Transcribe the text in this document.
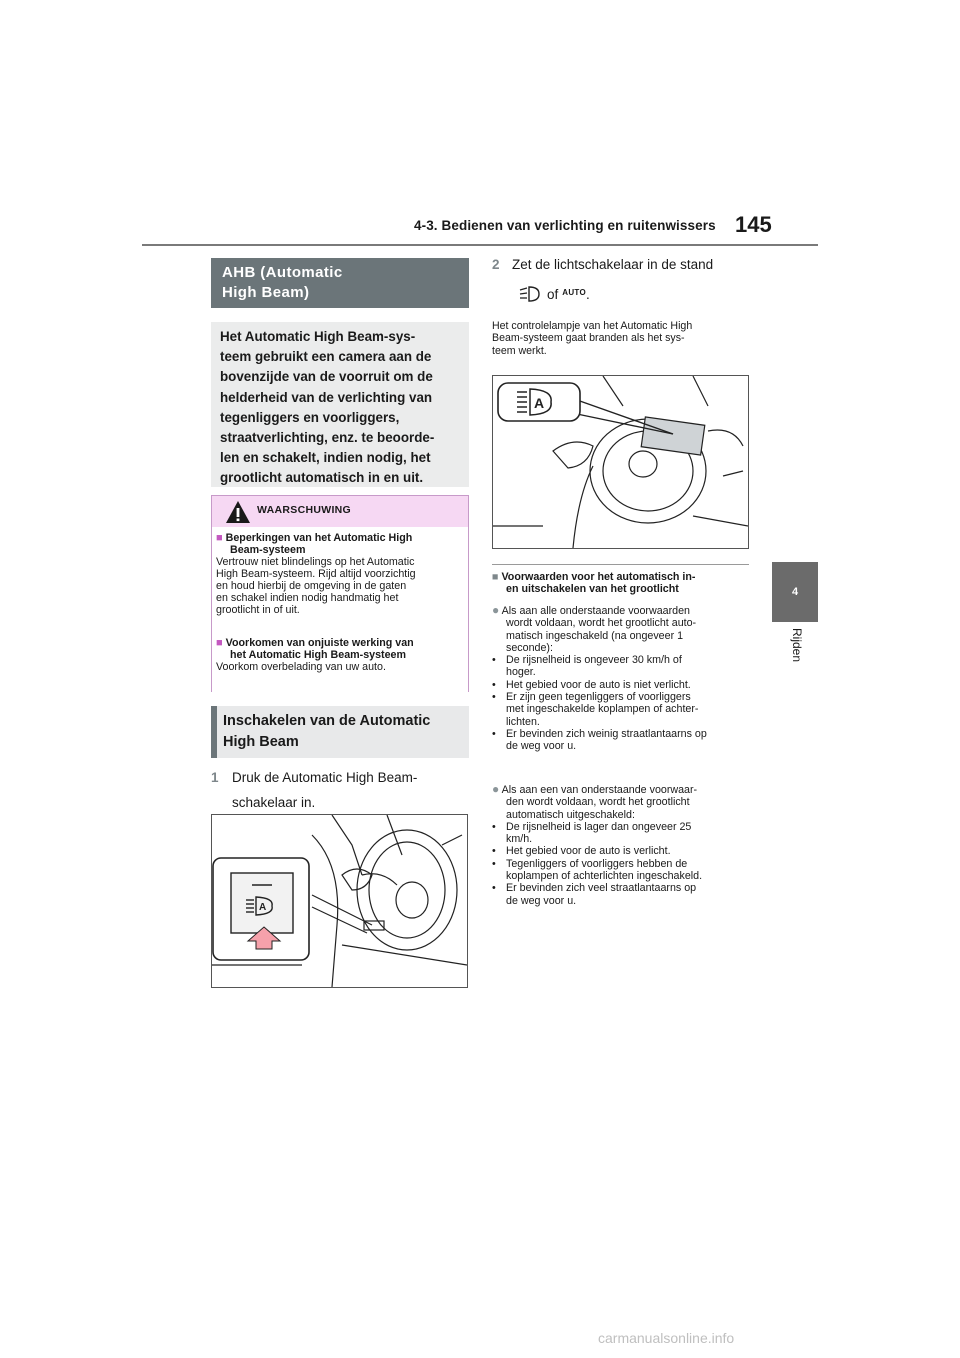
4-3. Bedienen van verlichting en ruitenwissers 145
4
Rijden
AHB (Automatic
High Beam)
Het Automatic High Beam-sys-
teem gebruikt een camera aan de
bovenzijde van de voorruit om de
helderheid van de verlichting van
tegenliggers en voorliggers,
straatverlichting, enz. te beoorde-
len en schakelt, indien nodig, het
grootlicht automatisch in en uit.
WAARSCHUWING
■ Beperkingen van het Automatic High
Beam-systeem
Vertrouw niet blindelings op het Automatic
High Beam-systeem. Rijd altijd voorzichtig
en houd hierbij de omgeving in de gaten
en schakel indien nodig handmatig het
grootlicht in of uit.
■ Voorkomen van onjuiste werking van
het Automatic High Beam-systeem
Voorkom overbelading van uw auto.
Inschakelen van de Automatic
High Beam
1 Druk de Automatic High Beam-
schakelaar in.
A
2 Zet de lichtschakelaar in de stand
of AUTO .
Het controlelampje van het Automatic High
Beam-systeem gaat branden als het sys-
teem werkt.
A
■ Voorwaarden voor het automatisch in-
en uitschakelen van het grootlicht
● Als aan alle onderstaande voorwaarden
wordt voldaan, wordt het grootlicht auto-
matisch ingeschakeld (na ongeveer 1
seconde):
• De rijsnelheid is ongeveer 30 km/h of
hoger.
• Het gebied voor de auto is niet verlicht.
• Er zijn geen tegenliggers of voorliggers
met ingeschakelde koplampen of achter-
lichten.
• Er bevinden zich weinig straatlantaarns op
de weg voor u.
● Als aan een van onderstaande voorwaar-
den wordt voldaan, wordt het grootlicht
automatisch uitgeschakeld:
• De rijsnelheid is lager dan ongeveer 25
km/h.
• Het gebied voor de auto is verlicht.
• Tegenliggers of voorliggers hebben de
koplampen of achterlichten ingeschakeld.
• Er bevinden zich veel straatlantaarns op
de weg voor u.
carmanualsonline.info
